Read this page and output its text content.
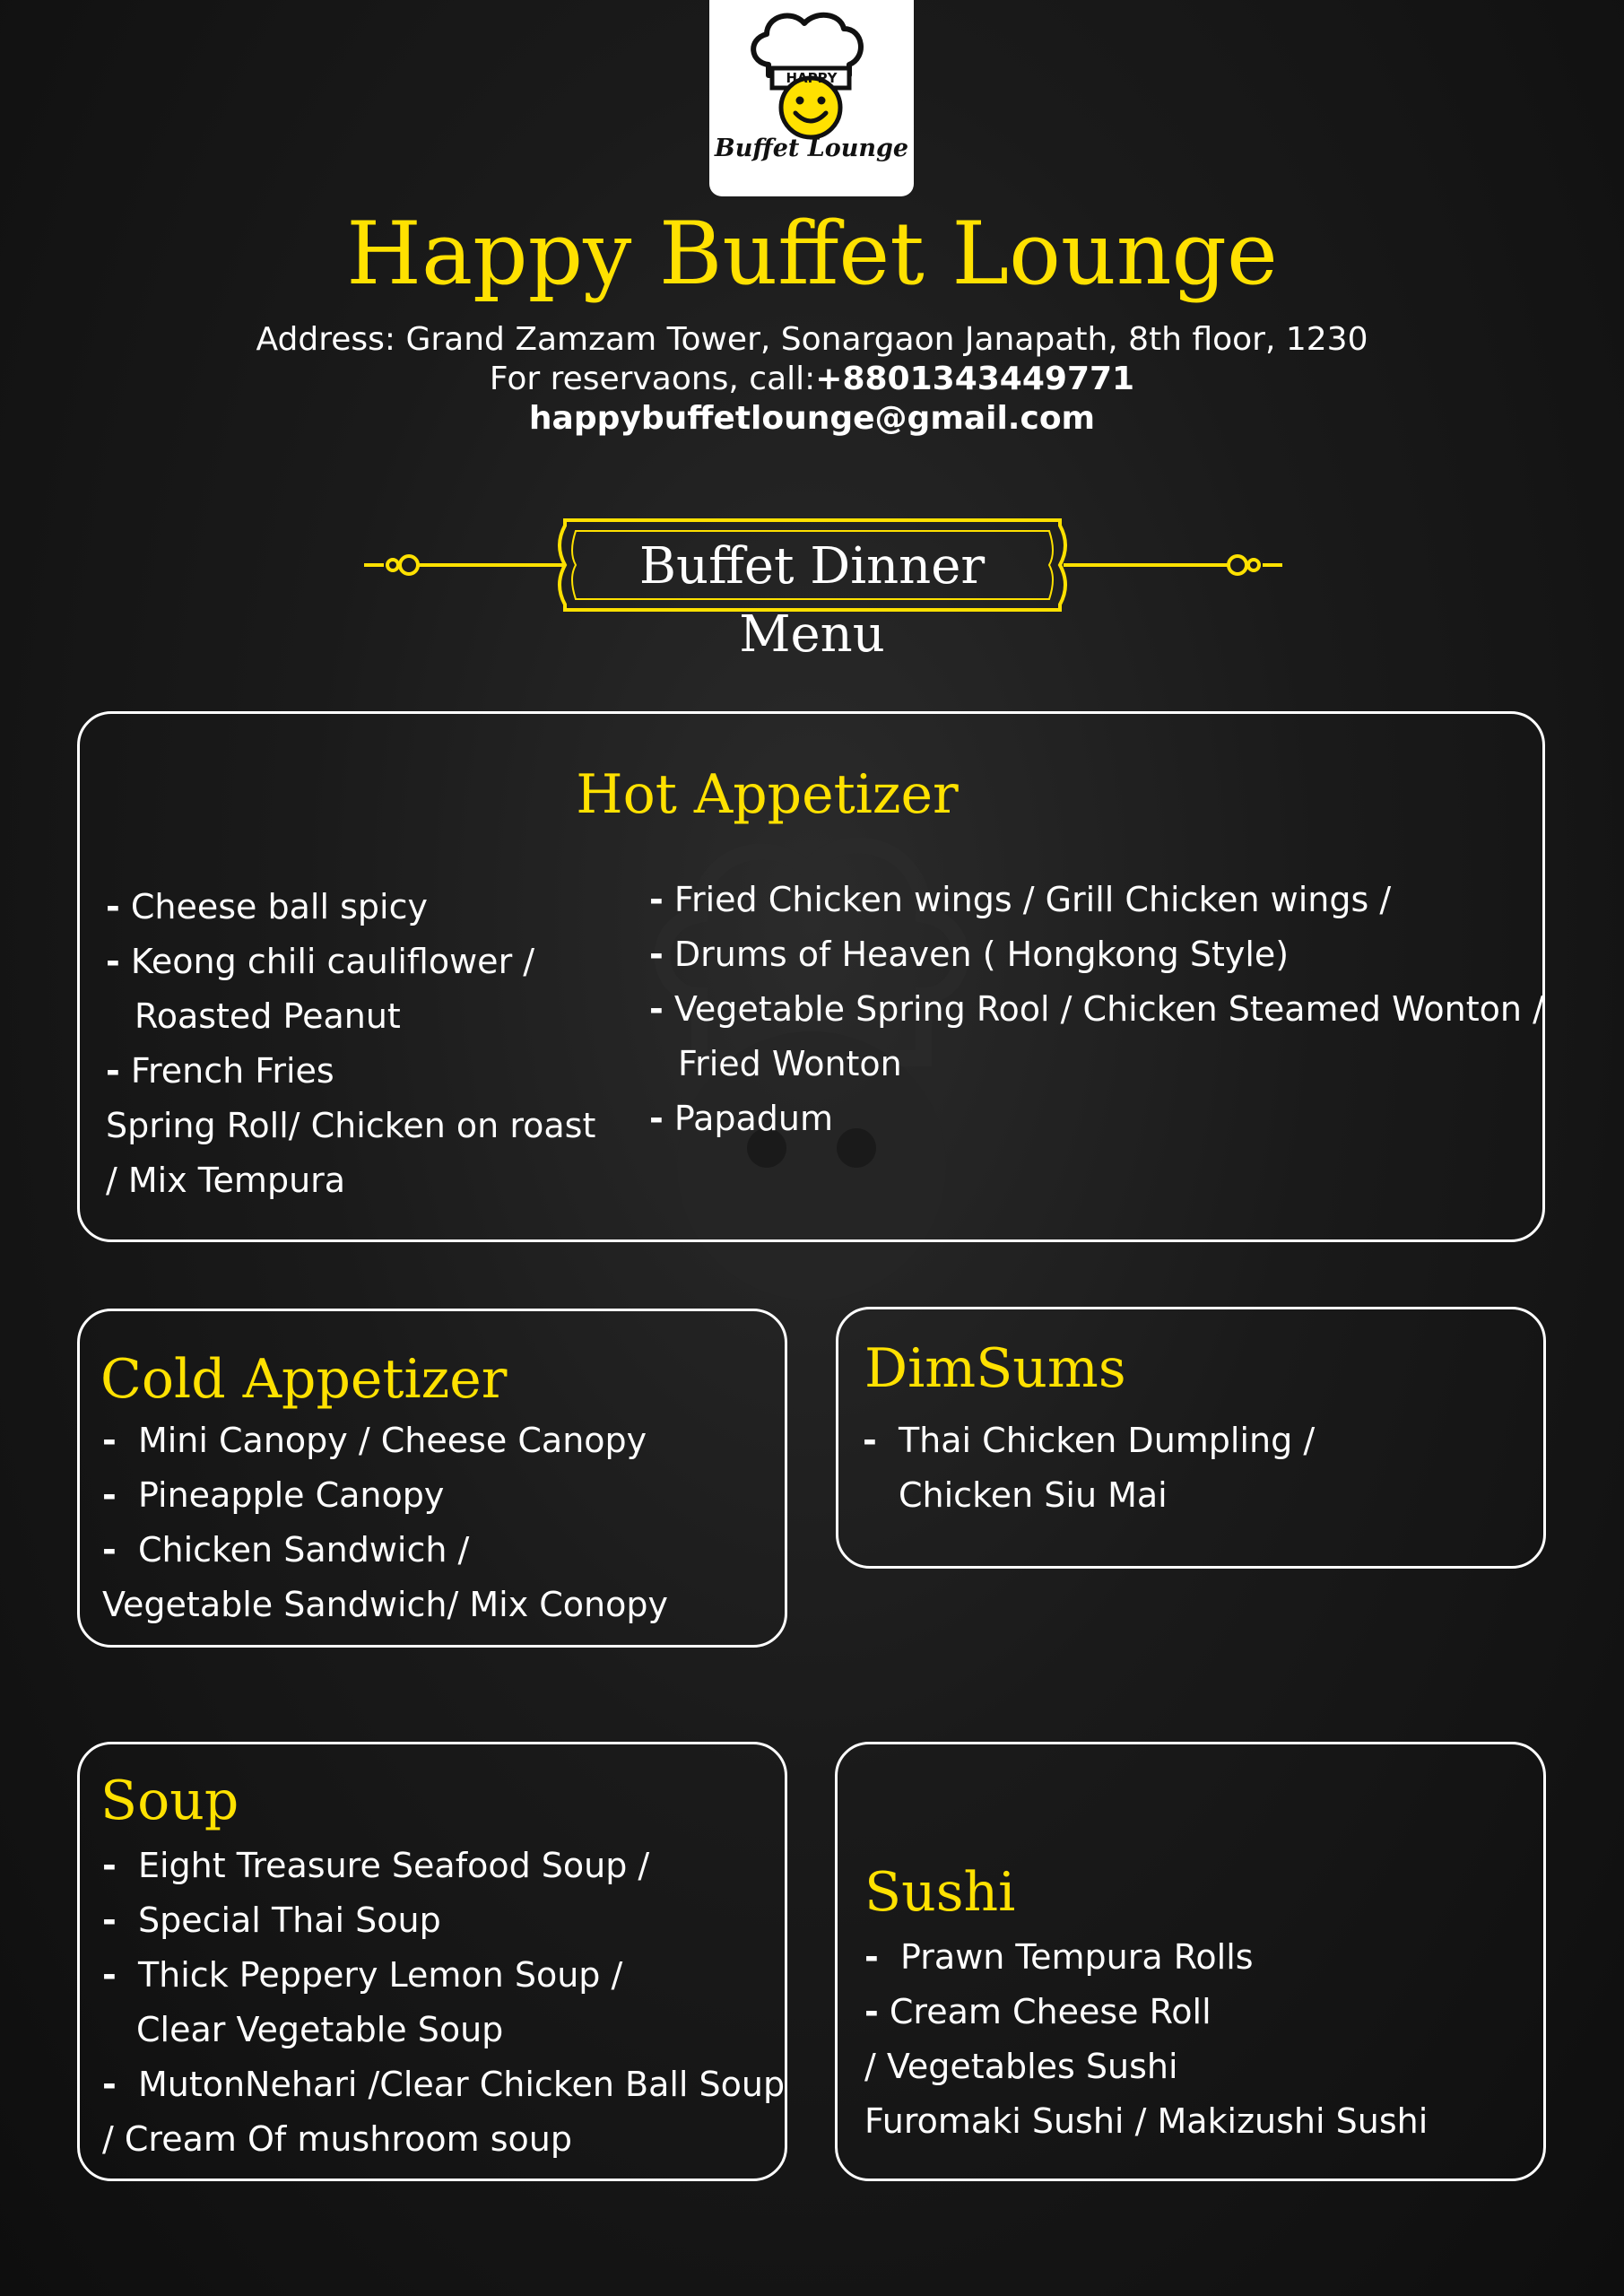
HAPPY
Buffet Lounge
Happy Buffet Lounge
Address: Grand Zamzam Tower, Sonargaon Janapath, 8th floor, 1230
For reservaons, call:+8801343449771
happybuffetlounge@gmail.com
Buffet Dinner Menu
Hot Appetizer
- Cheese ball spicy
- Keong chili cauliflower /
Roasted Peanut
- French Fries
Spring Roll/ Chicken on roast
/ Mix Tempura
- Fried Chicken wings / Grill Chicken wings /
- Drums of Heaven ( Hongkong Style)
- Vegetable Spring Rool / Chicken Steamed Wonton /
Fried Wonton
- Papadum
Cold Appetizer
- Mini Canopy / Cheese Canopy
- Pineapple Canopy
- Chicken Sandwich /
Vegetable Sandwich/ Mix Conopy
DimSums
- Thai Chicken Dumpling /
Chicken Siu Mai
Soup
- Eight Treasure Seafood Soup /
- Special Thai Soup
- Thick Peppery Lemon Soup /
Clear Vegetable Soup
- MutonNehari /Clear Chicken Ball Soup
/ Cream Of mushroom soup
Sushi
- Prawn Tempura Rolls
- Cream Cheese Roll
/ Vegetables Sushi
Furomaki Sushi / Makizushi Sushi
